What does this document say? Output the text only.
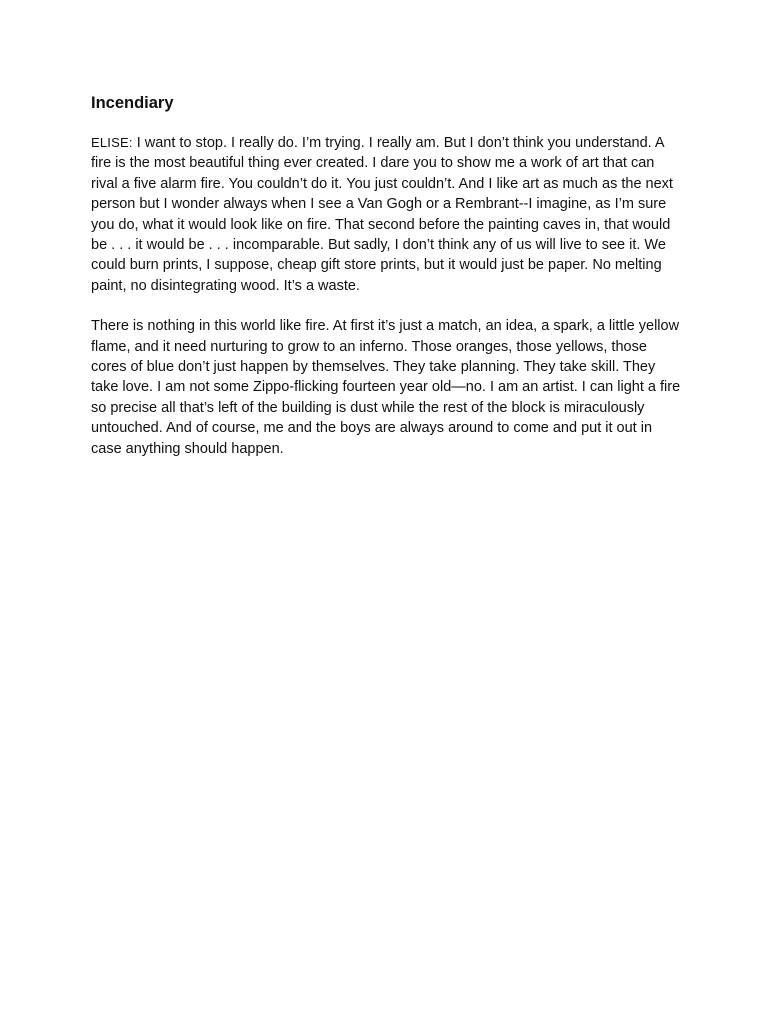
Incendiary

ELISE: I want to stop. I really do. I’m trying. I really am. But I don’t think you understand. A fire is the most beautiful thing ever created. I dare you to show me a work of art that can rival a five alarm fire. You couldn’t do it. You just couldn’t. And I like art as much as the next person but I wonder always when I see a Van Gogh or a Rembrant--I imagine, as I’m sure you do, what it would look like on fire. That second before the painting caves in, that would be . . . it would be . . . incomparable. But sadly, I don’t think any of us will live to see it. We could burn prints, I suppose, cheap gift store prints, but it would just be paper. No melting paint, no disintegrating wood. It’s a waste.

There is nothing in this world like fire. At first it’s just a match, an idea, a spark, a little yellow flame, and it need nurturing to grow to an inferno. Those oranges, those yellows, those cores of blue don’t just happen by themselves. They take planning. They take skill. They take love. I am not some Zippo-flicking fourteen year old—no. I am an artist. I can light a fire so precise all that’s left of the building is dust while the rest of the block is miraculously untouched. And of course, me and the boys are always around to come and put it out in case anything should happen.
